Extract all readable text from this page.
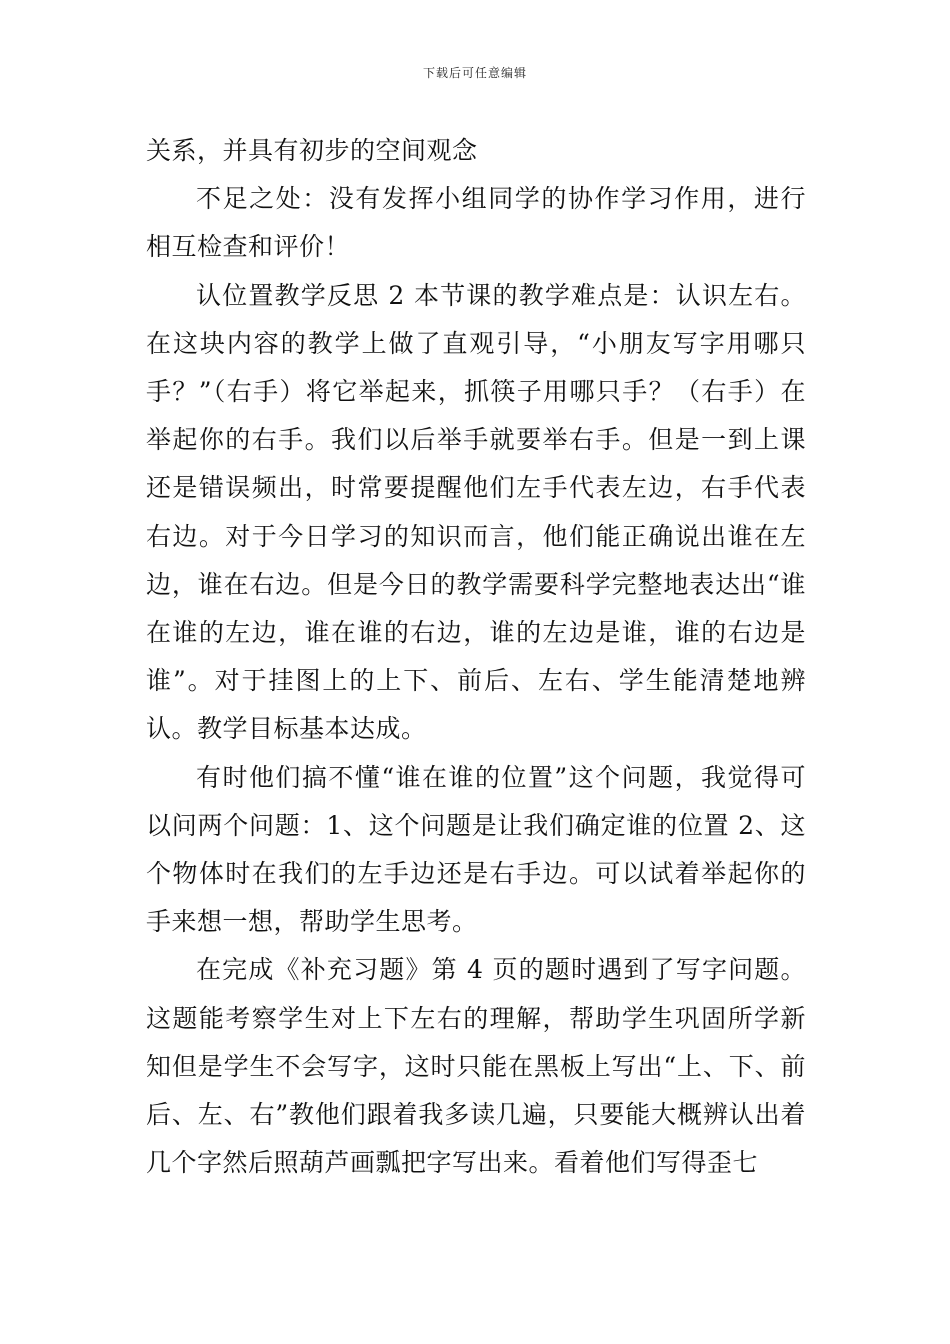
下载后可任意编辑

关系，并具有初步的空间观念

不足之处：没有发挥小组同学的协作学习作用，进行相互检查和评价！

认位置教学反思 2 本节课的教学难点是：认识左右。在这块内容的教学上做了直观引导，“小朋友写字用哪只手？”（右手）将它举起来，抓筷子用哪只手？（右手）在举起你的右手。我们以后举手就要举右手。但是一到上课还是错误频出，时常要提醒他们左手代表左边，右手代表右边。对于今日学习的知识而言，他们能正确说出谁在左边，谁在右边。但是今日的教学需要科学完整地表达出“谁在谁的左边，谁在谁的右边，谁的左边是谁，谁的右边是谁”。对于挂图上的上下、前后、左右、学生能清楚地辨认。教学目标基本达成。

有时他们搞不懂“谁在谁的位置”这个问题，我觉得可以问两个问题：1、这个问题是让我们确定谁的位置 2、这个物体时在我们的左手边还是右手边。可以试着举起你的手来想一想，帮助学生思考。

在完成《补充习题》第 4 页的题时遇到了写字问题。这题能考察学生对上下左右的理解，帮助学生巩固所学新知但是学生不会写字，这时只能在黑板上写出“上、下、前后、左、右”教他们跟着我多读几遍，只要能大概辨认出着几个字然后照葫芦画瓢把字写出来。看着他们写得歪七
